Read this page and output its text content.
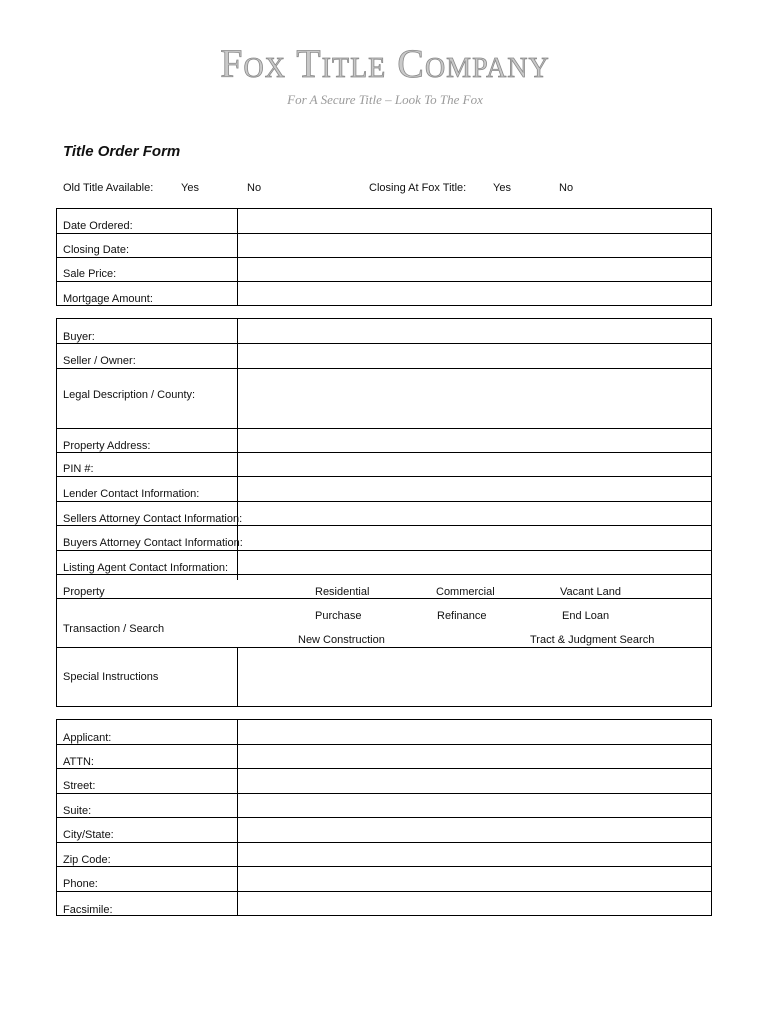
Fox Title Company
For A Secure Title – Look To The Fox
Title Order Form
Old Title Available:	Yes	No	Closing At Fox Title: Yes	No
Date Ordered:
Closing Date:
Sale Price:
Mortgage Amount:
Buyer:
Seller / Owner:
Legal Description / County:
Property Address:
PIN #:
Lender Contact Information:
Sellers Attorney Contact Information:
Buyers Attorney Contact Information:
Listing Agent Contact Information:
Property	Residential	Commercial	Vacant Land
Transaction / Search
Purchase	Refinance	End Loan
New Construction	Tract & Judgment Search
Special Instructions
Applicant:
ATTN:
Street:
Suite:
City/State:
Zip Code:
Phone:
Facsimile:
